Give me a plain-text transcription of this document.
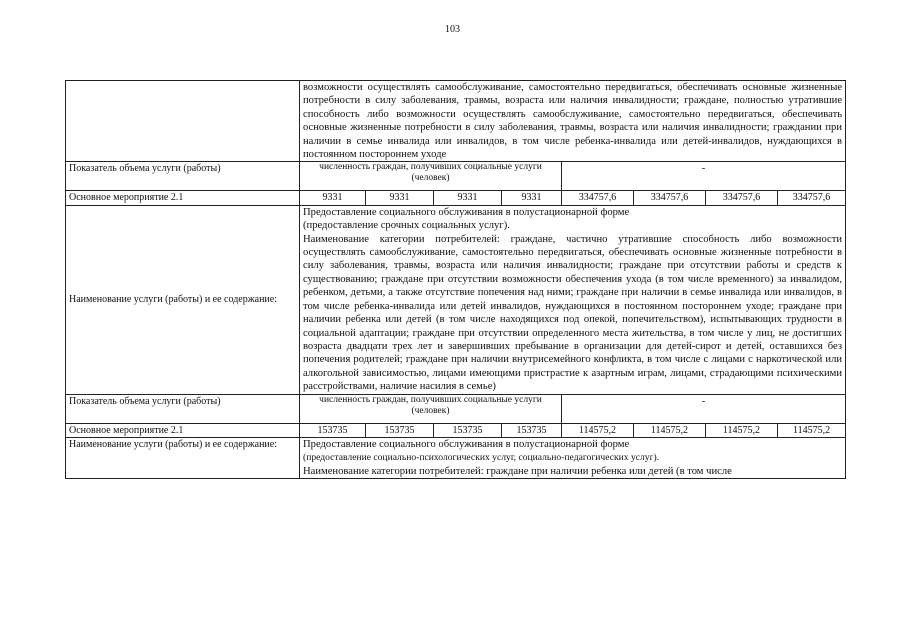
103
	возможности осуществлять самообслуживание, самостоятельно передвигаться, обеспечивать основные жизненные потребности в силу заболевания, травмы, возраста или наличия инвалидности; граждане, полностью утратившие способность либо возможности осуществлять самообслуживание, самостоятельно передвигаться, обеспечивать основные жизненные потребности в силу заболевания, травмы, возраста или наличия инвалидности; граждании при наличии в семье инвалида или инвалидов, в том числе ребенка-инвалида или детей-инвалидов, нуждающихся в постоянном постороннем уходе							
Показатель объема услуги (работы)	численность граждан, получивших социальные услуги (человек)				-			
Основное мероприятие 2.1	9331	9331	9331	9331	334757,6	334757,6	334757,6	334757,6
Наименование услуги (работы) и ее содержание:	Предоставление социального обслуживания в полустационарной форме
(предоставление срочных социальных услуг).
Наименование категории потребителей: граждане, частично утратившие способность либо возможности осуществлять самообслуживание, самостоятельно передвигаться, обеспечивать основные жизненные потребности в силу заболевания, травмы, возраста или наличия инвалидности; граждане при отсутствии работы и средств к существованию; граждане при отсутствии возможности обеспечения ухода (в том числе временного) за инвалидом, ребенком, детьми, а также отсутствие попечения над ними; граждане при наличии в семье инвалида или инвалидов, в том числе ребенка-инвалида или детей инвалидов, нуждающихся в постоянном постороннем уходе; граждане при наличии ребенка или детей (в том числе находящихся под опекой, попечительством), испытывающих трудности в социальной адаптации; граждане при отсутствии определенного места жительства, в том числе у лиц, не достигших возраста двадцати трех лет и завершивших пребывание в организации для детей-сирот и детей, оставшихся без попечения родителей; граждане при наличии внутрисемейного конфликта, в том числе с лицами с наркотической или алкогольной зависимостью, лицами имеющими пристрастие к азартным играм, лицами, страдающими психическими расстройствами, наличие насилия в семье)							

Показатель объема услуги (работы)	численность граждан, получивших социальные услуги (человек)				-			
Основное мероприятие 2.1	153735	153735	153735	153735	114575,2	114575,2	114575,2	114575,2
Наименование услуги (работы) и ее содержание:	Предоставление социального обслуживания в полустационарной форме
(предоставление социально-психологических услуг, социально-педагогических услуг).
Наименование категории потребителей: граждане при наличии ребенка или детей (в том числе							
